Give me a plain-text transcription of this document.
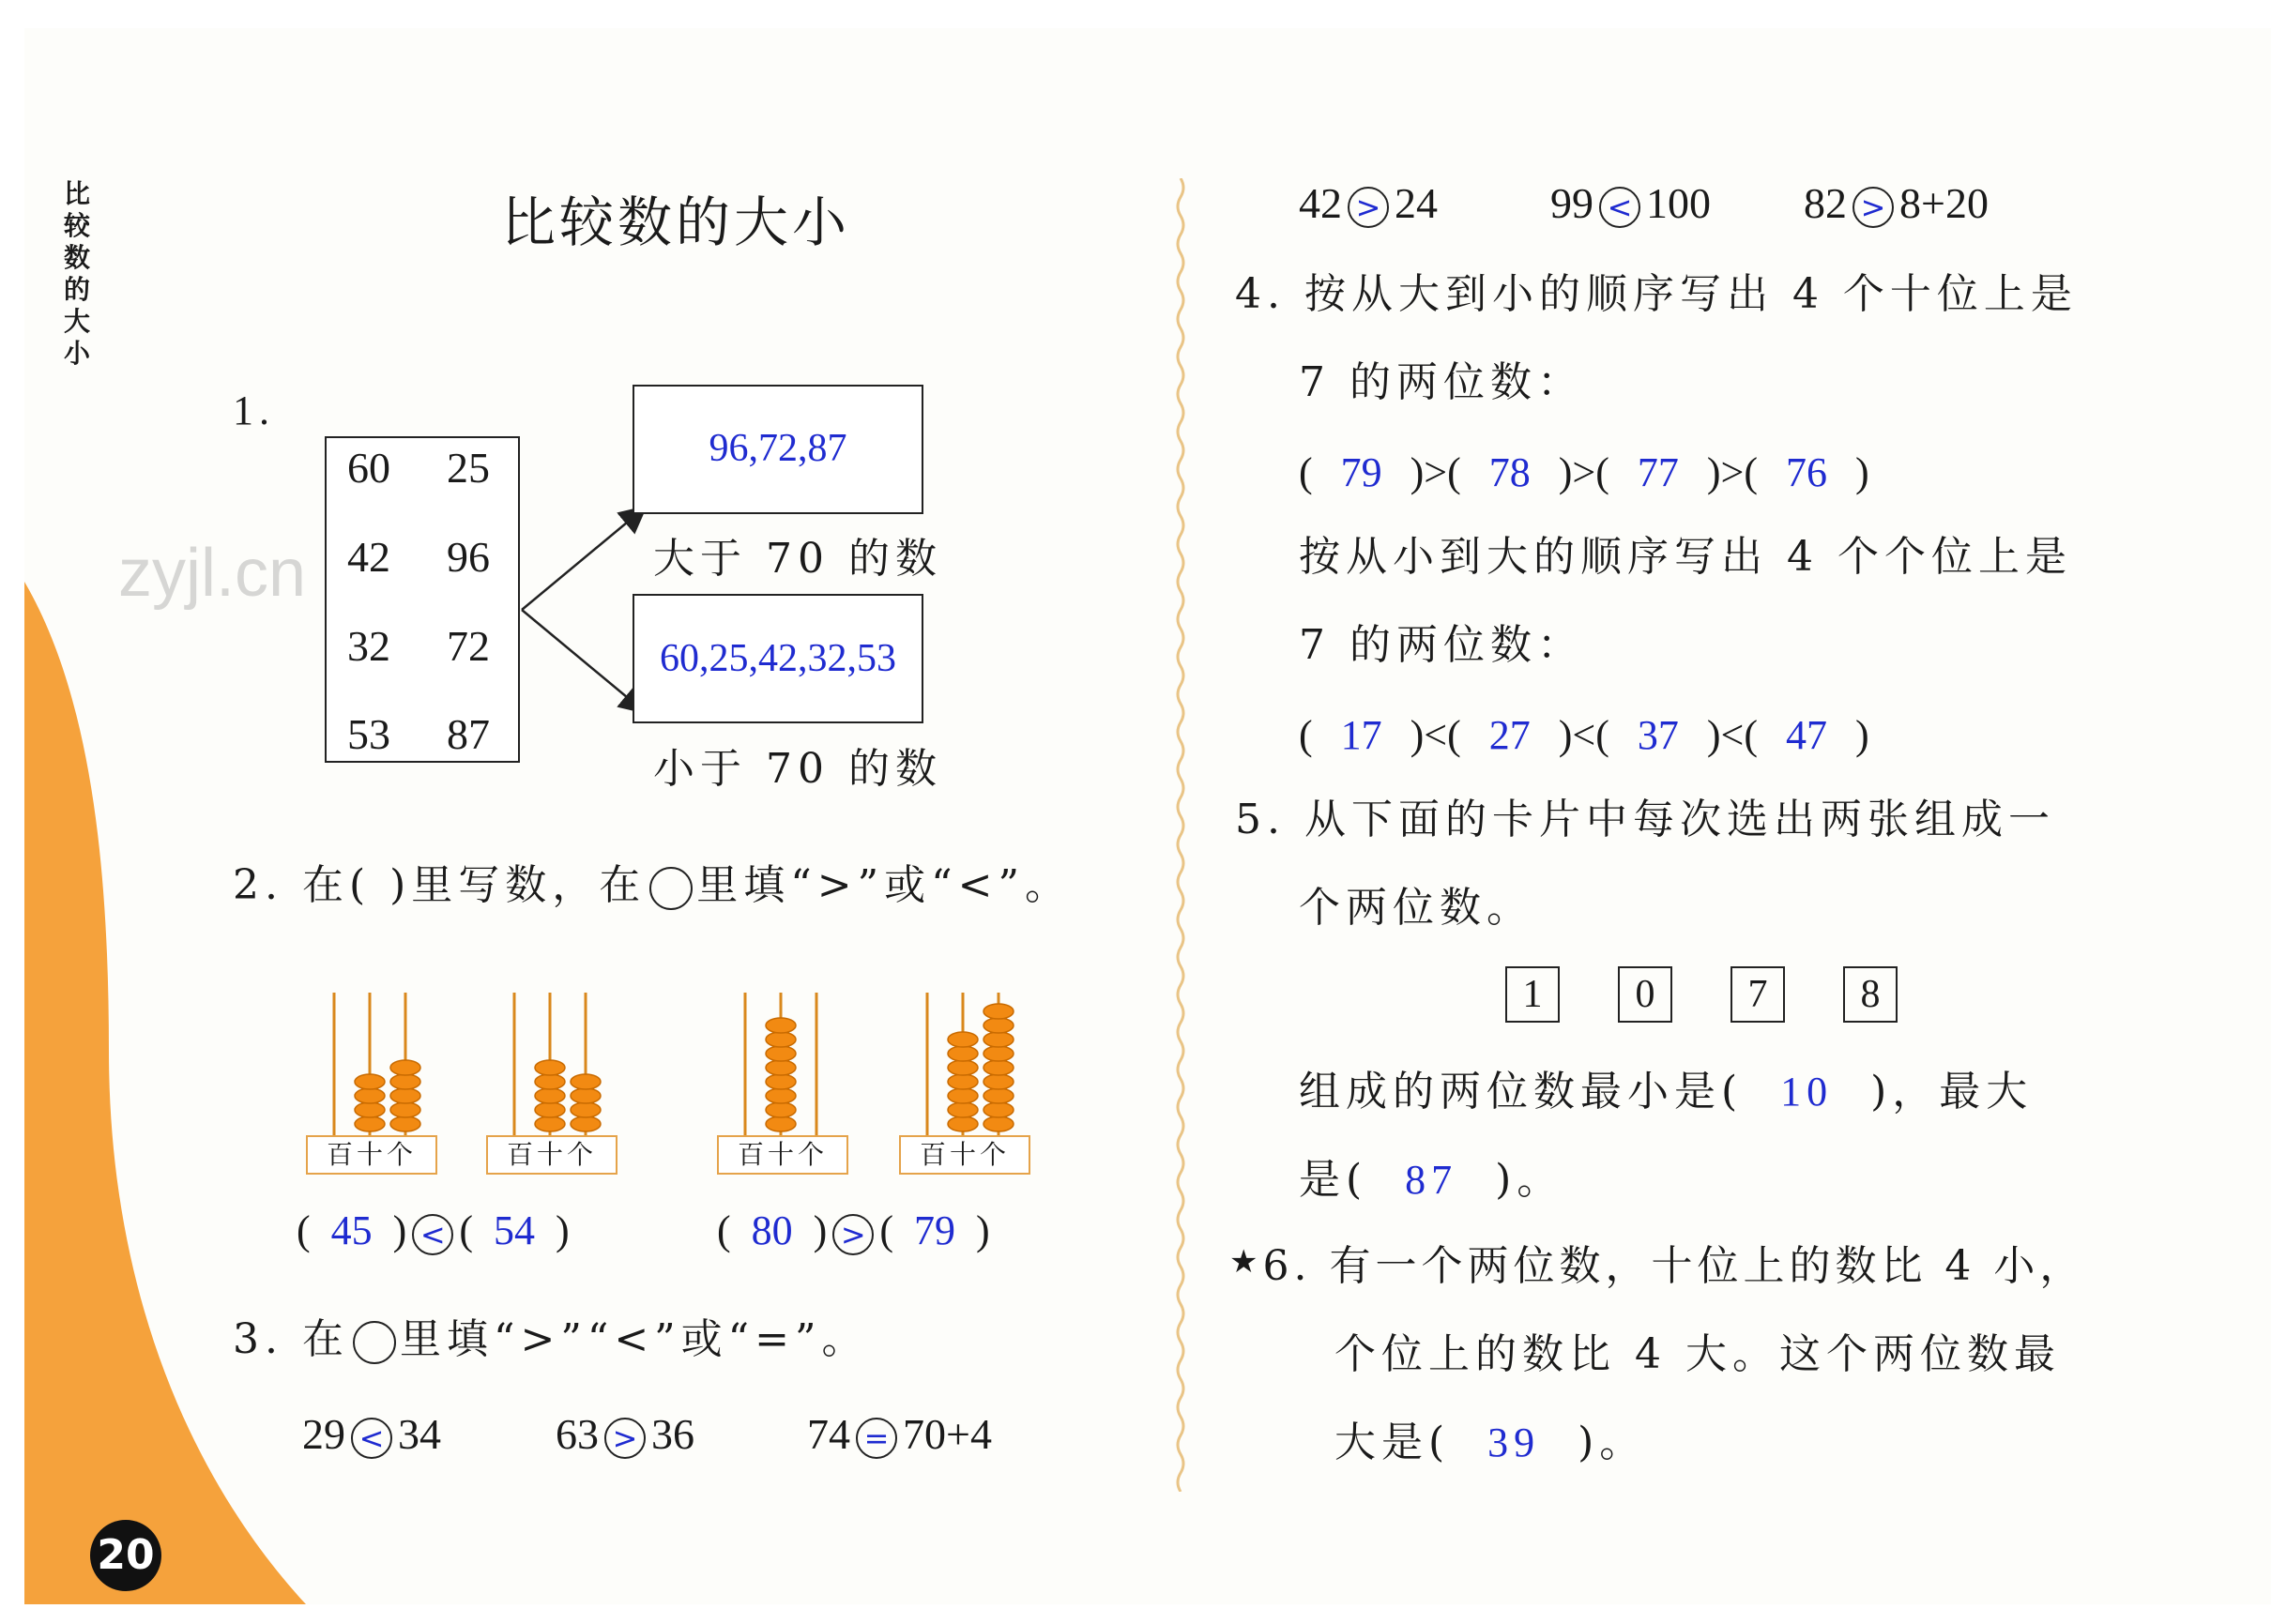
20
比
较
数
的
大
小
zyjl.cn
比较数的大小
1.
60 25
42 96
32 72
53 87
96,72,87
大于 70 的数
60,25,42,32,53
小于 70 的数
2. 在( )里写数，在 里填“>”或“<”。
百十个	百十个	百十个	百十个
(  45  ) < (  54  )	(  80  ) > (  79  )
3. 在 里填“>”“<”或“=”。
29 < 34	63 > 36	74 = 70+4
42 > 24	99 < 100 82 > 8+20
4. 按从大到小的顺序写出 4 个十位上是
7 的两位数：
(  79  )>(  78  )>(  77  )>(  76  )
按从小到大的顺序写出 4 个个位上是
7 的两位数：
(  17  )<(  27  )<(  37  )<(  47  )
5. 从下面的卡片中每次选出两张组成一
个两位数。
1	0	7	8
组成的两位数最小是( 10 )，最大
是( 87 )。
★6. 有一个两位数，十位上的数比 4 小，
个位上的数比 4 大。这个两位数最
大是( 39 )。
